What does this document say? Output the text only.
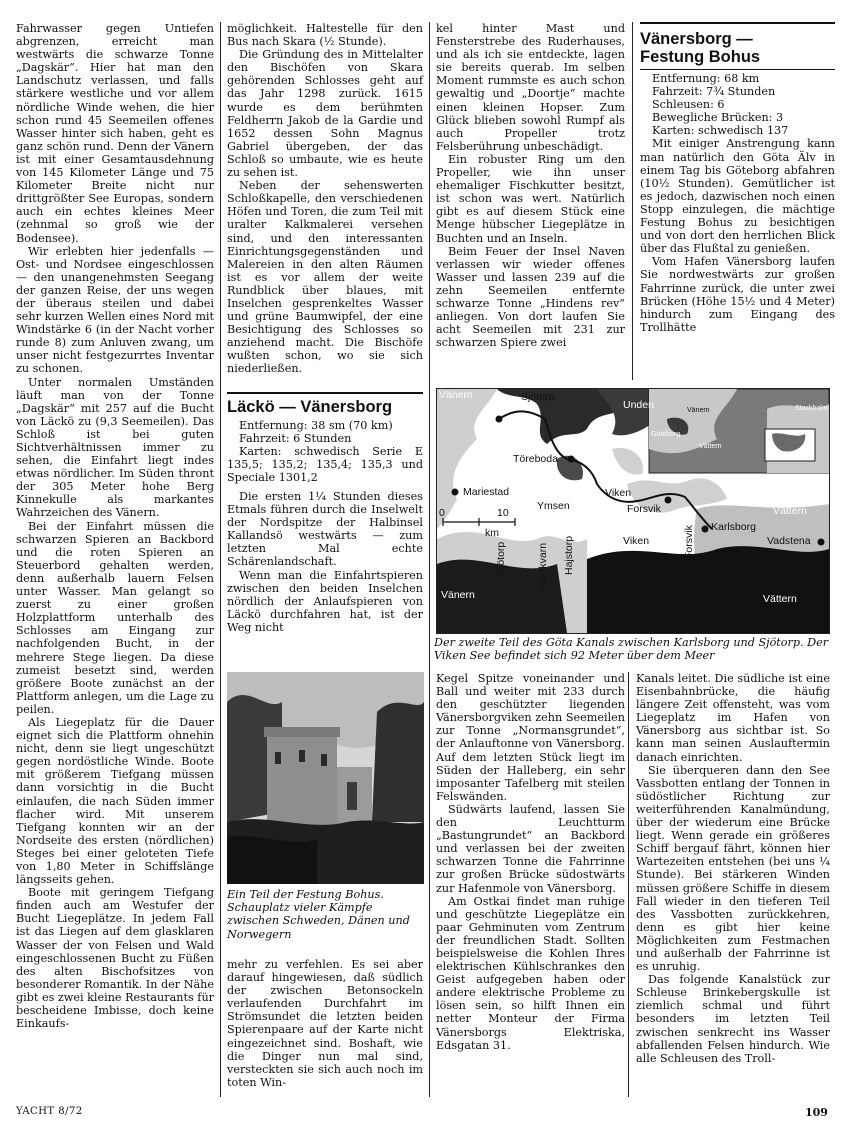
Fahrwasser gegen Untiefen abgrenzen, erreicht man westwärts die schwarze Tonne „Dagskär“. Hier hat man den Landschutz verlassen, und falls stärkere westliche und vor allem nördliche Winde wehen, die hier schon rund 45 Seemeilen offenes Wasser hinter sich haben, geht es ganz schön rund. Denn der Vänern ist mit einer Gesamtausdehnung von 145 Kilometer Länge und 75 Kilometer Breite nicht nur drittgrößter See Europas, sondern auch ein echtes kleines Meer (zehnmal so groß wie der Bodensee).

Wir erlebten hier jedenfalls — Ost- und Nordsee eingeschlossen — den unangenehmsten Seegang der ganzen Reise, der uns wegen der überaus steilen und dabei sehr kurzen Wellen eines Nord mit Windstärke 6 (in der Nacht vorher runde 8) zum Anluven zwang, um unser nicht festgezurrtes Inventar zu schonen.

Unter normalen Umständen läuft man von der Tonne „Dagskär“ mit 257 auf die Bucht von Läckö zu (9,3 Seemeilen). Das Schloß ist bei guten Sichtverhältnissen immer zu sehen, die Einfahrt liegt indes etwas nördlicher. Im Süden thront der 305 Meter hohe Berg Kinnekulle als markantes Wahrzeichen des Vänern.

Bei der Einfahrt müssen die schwarzen Spieren an Backbord und die roten Spieren an Steuerbord gehalten werden, denn außerhalb lauern Felsen unter Wasser. Man gelangt so zuerst zu einer großen Holzplattform unterhalb des Schlosses am Eingang zur nachfolgenden Bucht, in der mehrere Stege liegen. Da diese zumeist besetzt sind, werden größere Boote zunächst an der Plattform anlegen, um die Lage zu peilen.

Als Liegeplatz für die Dauer eignet sich die Plattform ohnehin nicht, denn sie liegt ungeschützt gegen nordöstliche Winde. Boote mit größerem Tiefgang müssen dann vorsichtig in die Bucht einlaufen, die nach Süden immer flacher wird. Mit unserem Tiefgang konnten wir an der Nordseite des ersten (nördlichen) Steges bei einer geloteten Tiefe von 1,80 Meter in Schiffslänge längsseits gehen.

Boote mit geringem Tiefgang finden auch am Westufer der Bucht Liegeplätze. In jedem Fall ist das Liegen auf dem glasklaren Wasser der von Felsen und Wald eingeschlossenen Bucht zu Füßen des alten Bischofsitzes von besonderer Romantik. In der Nähe gibt es zwei kleine Restaurants für bescheidene Imbisse, doch keine Einkaufs-

möglichkeit. Haltestelle für den Bus nach Skara (½ Stunde).

Die Gründung des in Mittelalter den Bischöfen von Skara gehörenden Schlosses geht auf das Jahr 1298 zurück. 1615 wurde es dem berühmten Feldherrn Jakob de la Gardie und 1652 dessen Sohn Magnus Gabriel übergeben, der das Schloß so umbaute, wie es heute zu sehen ist.

Neben der sehenswerten Schloßkapelle, den verschiedenen Höfen und Toren, die zum Teil mit uralter Kalkmalerei versehen sind, und den interessanten Einrichtungsgegenständen und Malereien in den alten Räumen ist es vor allem der weite Rundblick über blaues, mit Inselchen gesprenkeltes Wasser und grüne Baumwipfel, der eine Besichtigung des Schlosses so anziehend macht. Die Bischöfe wußten schon, wo sie sich niederließen.

Läckö — Vänersborg

Entfernung: 38 sm (70 km)

Fahrzeit: 6 Stunden

Karten: schwedisch Serie E 135,5; 135,2; 135,4; 135,3 und Speciale 1301,2

Die ersten 1¼ Stunden dieses Etmals führen durch die Inselwelt der Nordspitze der Halbinsel Kallandsö westwärts — zum letzten Mal echte Schärenlandschaft.

Wenn man die Einfahrtspieren zwischen den beiden Inselchen nördlich der Anlaufspieren von Läckö durchfahren hat, ist der Weg nicht

Ein Teil der Festung Bohus. Schauplatz vieler Kämpfe zwischen Schweden, Dänen und Norwegern

mehr zu verfehlen. Es sei aber darauf hingewiesen, daß südlich der zwischen Betonsockeln verlaufenden Durchfahrt im Strömsundet die letzten beiden Spierenpaare auf der Karte nicht eingezeichnet sind. Boshaft, wie die Dinger nun mal sind, versteckten sie sich auch noch im toten Win-

kel hinter Mast und Fensterstrebe des Ruderhauses, und als ich sie entdeckte, lagen sie bereits querab. Im selben Moment rummste es auch schon gewaltig und „Doortje“ machte einen kleinen Hopser. Zum Glück blieben sowohl Rumpf als auch Propeller trotz Felsberührung unbeschädigt.

Ein robuster Ring um den Propeller, wie ihn unser ehemaliger Fischkutter besitzt, ist schon was wert. Natürlich gibt es auf diesem Stück eine Menge hübscher Liegeplätze in Buchten und an Inseln.

Beim Feuer der Insel Naven verlassen wir wieder offenes Wasser und lassen 239 auf die zehn Seemeilen entfernte schwarze Tonne „Hindens rev“ anliegen. Von dort laufen Sie acht Seemeilen mit 231 zur schwarzen Spiere zwei

Vänersborg —
Festung Bohus

Entfernung: 68 km

Fahrzeit: 7¾ Stunden

Schleusen: 6

Bewegliche Brücken: 3

Karten: schwedisch 137

Mit einiger Anstrengung kann man natürlich den Göta Älv in einem Tag bis Göteborg abfahren (10½ Stunden). Gemütlicher ist es jedoch, dazwischen noch einen Stopp einzulegen, die mächtige Festung Bohus zu besichtigen und von dort den herrlichen Blick über das Flußtal zu genießen.

Vom Hafen Vänersborg laufen Sie nordwestwärts zur großen Fahrrinne zurück, die unter zwei Brücken (Höhe 15½ und 4 Meter) hindurch zum Eingang des Trollhätte

Vänern	Sjötorp
Unden
Töreboda
Mariestad
Ymsen
Viken
Forsvik
0	10
km
Sjötorp	Norrkvarn Hajstorp	Viken	Forsvik Karlsborg
Vadstena
Vättern
Vättern
Vänern
Stockholm
Vänern
Vättern
Göteborg
Der zweite Teil des Göta Kanals zwischen Karlsborg und Sjötorp. Der Viken See befindet sich 92 Meter über dem Meer

Kegel Spitze voneinander und Ball und weiter mit 233 durch den geschützter liegenden Vänersborgviken zehn Seemeilen zur Tonne „Normansgrundet“, der Anlauftonne von Vänersborg. Auf dem letzten Stück liegt im Süden der Halleberg, ein sehr imposanter Tafelberg mit steilen Felswänden.

Südwärts laufend, lassen Sie den Leuchtturm „Bastungrundet“ an Backbord und verlassen bei der zweiten schwarzen Tonne die Fahrrinne zur großen Brücke südostwärts zur Hafenmole von Vänersborg.

Am Ostkai findet man ruhige und geschützte Liegeplätze ein paar Gehminuten vom Zentrum der freundlichen Stadt. Sollten beispielsweise die Kohlen Ihres elektrischen Kühlschrankes den Geist aufgegeben haben oder andere elektrische Probleme zu lösen sein, so hilft Ihnen ein netter Monteur der Firma Vänersborgs Elektriska, Edsgatan 31.

Kanals leitet. Die südliche ist eine Eisenbahnbrücke, die häufig längere Zeit offensteht, was vom Liegeplatz im Hafen von Vänersborg aus sichtbar ist. So kann man seinen Auslauftermin danach einrichten.

Sie überqueren dann den See Vassbotten entlang der Tonnen in südöstlicher Richtung zur weiterführenden Kanalmündung, über der wiederum eine Brücke liegt. Wenn gerade ein größeres Schiff bergauf fährt, können hier Wartezeiten entstehen (bei uns ¼ Stunde). Bei stärkeren Winden müssen größere Schiffe in diesem Fall wieder in den tieferen Teil des Vassbotten zurückkehren, denn es gibt hier keine Möglichkeiten zum Festmachen und außerhalb der Fahrrinne ist es unruhig.

Das folgende Kanalstück zur Schleuse Brinkebergskulle ist ziemlich schmal und führt besonders im letzten Teil zwischen senkrecht ins Wasser abfallenden Felsen hindurch. Wie alle Schleusen des Troll-

YACHT 8/72	109
